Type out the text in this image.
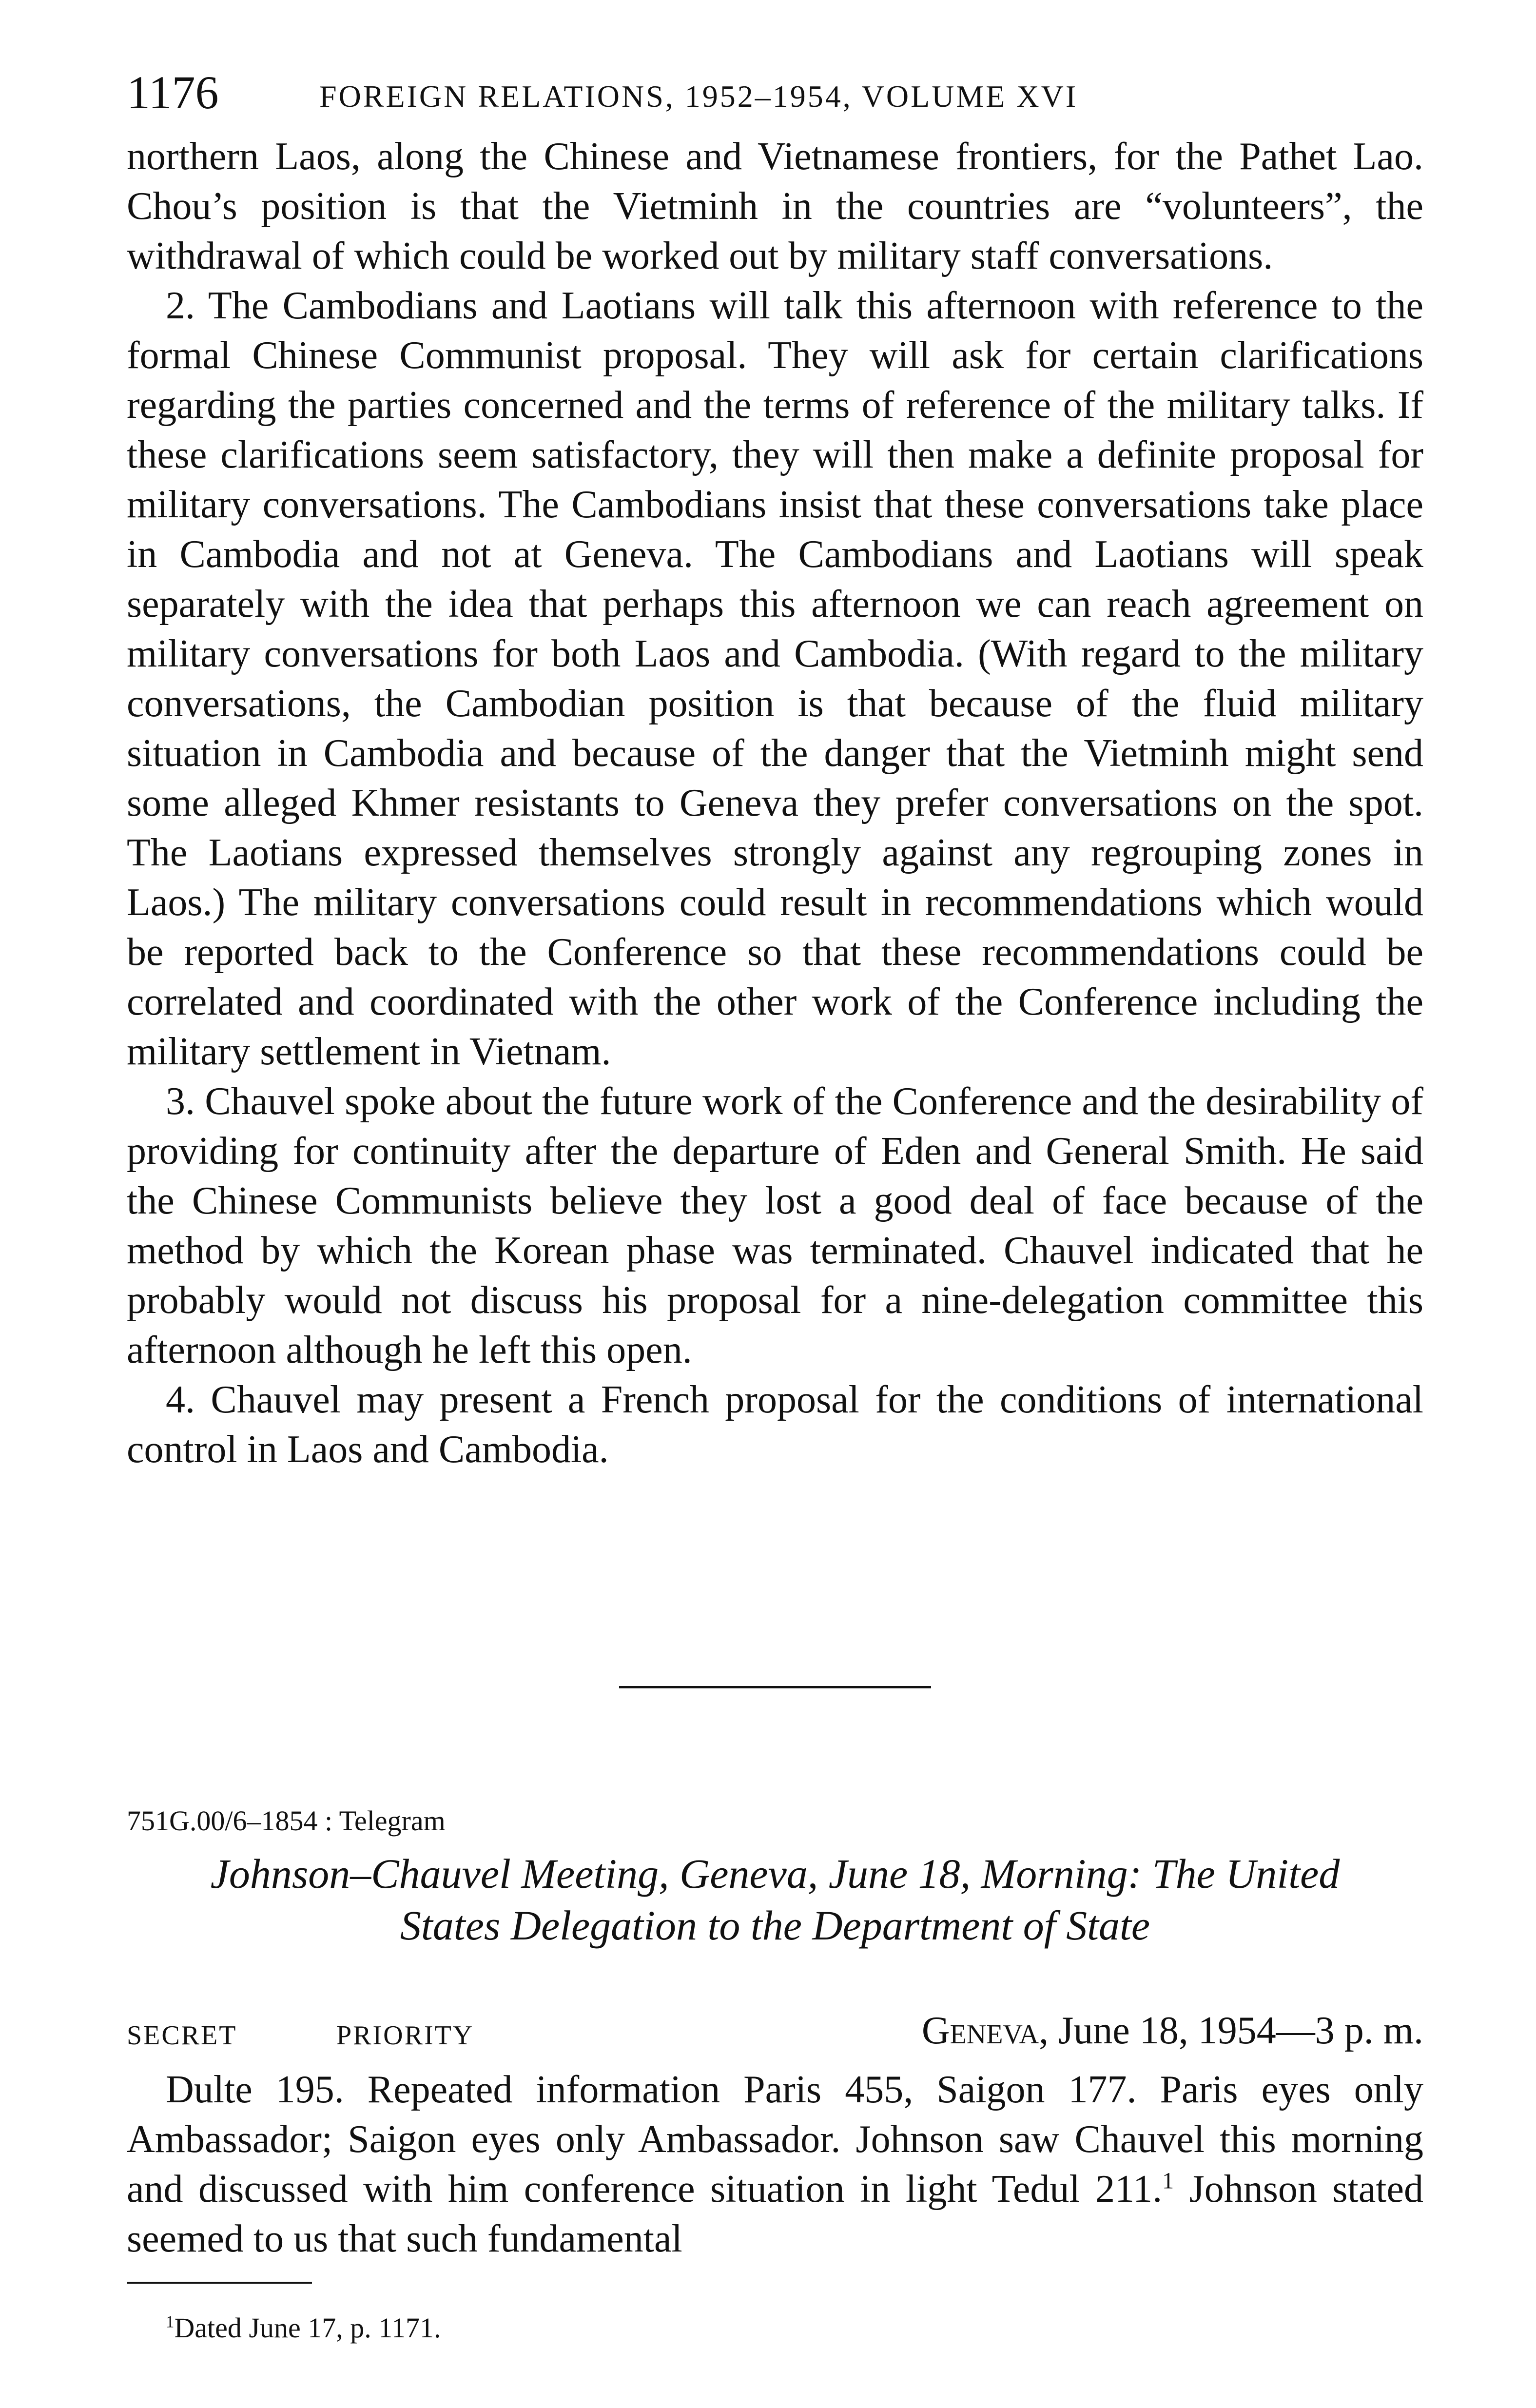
1176	FOREIGN RELATIONS, 1952–1954, VOLUME XVI

northern Laos, along the Chinese and Vietnamese frontiers, for the Pathet Lao. Chou’s position is that the Vietminh in the countries are “volunteers”, the withdrawal of which could be worked out by military staff conversations.

2. The Cambodians and Laotians will talk this afternoon with reference to the formal Chinese Communist proposal. They will ask for certain clarifications regarding the parties concerned and the terms of reference of the military talks. If these clarifications seem satisfactory, they will then make a definite proposal for military conversations. The Cambodians insist that these conversations take place in Cambodia and not at Geneva. The Cambodians and Laotians will speak separately with the idea that perhaps this afternoon we can reach agreement on military conversations for both Laos and Cambodia. (With regard to the military conversations, the Cambodian position is that because of the fluid military situation in Cambodia and because of the danger that the Vietminh might send some alleged Khmer resistants to Geneva they prefer conversations on the spot. The Laotians expressed themselves strongly against any regrouping zones in Laos.) The military conversations could result in recommendations which would be reported back to the Conference so that these recommendations could be correlated and coordinated with the other work of the Conference including the military settlement in Vietnam.

3. Chauvel spoke about the future work of the Conference and the desirability of providing for continuity after the departure of Eden and General Smith. He said the Chinese Communists believe they lost a good deal of face because of the method by which the Korean phase was terminated. Chauvel indicated that he probably would not discuss his proposal for a nine-delegation committee this afternoon although he left this open.

4. Chauvel may present a French proposal for the conditions of international control in Laos and Cambodia.

751G.00/6–1854 : Telegram
Johnson–Chauvel Meeting, Geneva, June 18, Morning: The United
States Delegation to the Department of State
SECRET	PRIORITY	Geneva, June 18, 1954—3 p. m.

Dulte 195. Repeated information Paris 455, Saigon 177. Paris eyes only Ambassador; Saigon eyes only Ambassador. Johnson saw Chauvel this morning and discussed with him conference situation in light Tedul 211.$^1$ Johnson stated seemed to us that such fundamental

$^1$Dated June 17, p. 1171.
